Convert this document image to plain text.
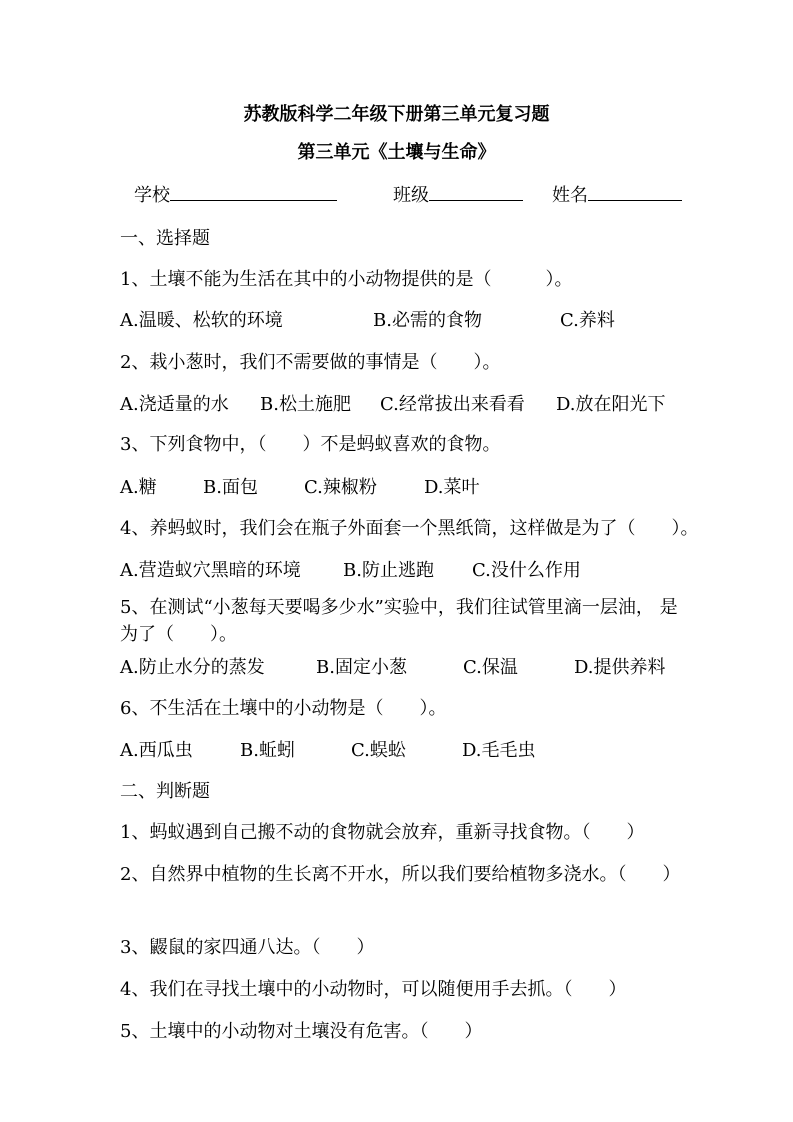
苏教版科学二年级下册第三单元复习题
第三单元《土壤与生命》
学校	班级	姓名
一、选择题
1、土壤不能为生活在其中的小动物提供的是（　　　）。
A.温暖、松软的环境	B.必需的食物	C.养料
2、栽小葱时，我们不需要做的事情是（　　）。
A.浇适量的水 B.松土施肥 C.经常拔出来看看 D.放在阳光下
3、下列食物中，（　　）不是蚂蚁喜欢的食物。
A.糖	B.面包	C.辣椒粉	D.菜叶
4、养蚂蚁时，我们会在瓶子外面套一个黑纸筒，这样做是为了（　　）。
A.营造蚁穴黑暗的环境 B.防止逃跑 C.没什么作用
5、在测试“小葱每天要喝多少水”实验中，我们往试管里滴一层油， 是
为了（　　）。
A.防止水分的蒸发	B.固定小葱	C.保温	D.提供养料
6、不生活在土壤中的小动物是（　　）。
A.西瓜虫	B.蚯蚓	C.蜈蚣	D.毛毛虫
二、判断题
1、蚂蚁遇到自己搬不动的食物就会放弃，重新寻找食物。（　　）
2、自然界中植物的生长离不开水，所以我们要给植物多浇水。（　　）
3、鼹鼠的家四通八达。（　　）
4、我们在寻找土壤中的小动物时，可以随便用手去抓。（　　）
5、土壤中的小动物对土壤没有危害。（　　）
